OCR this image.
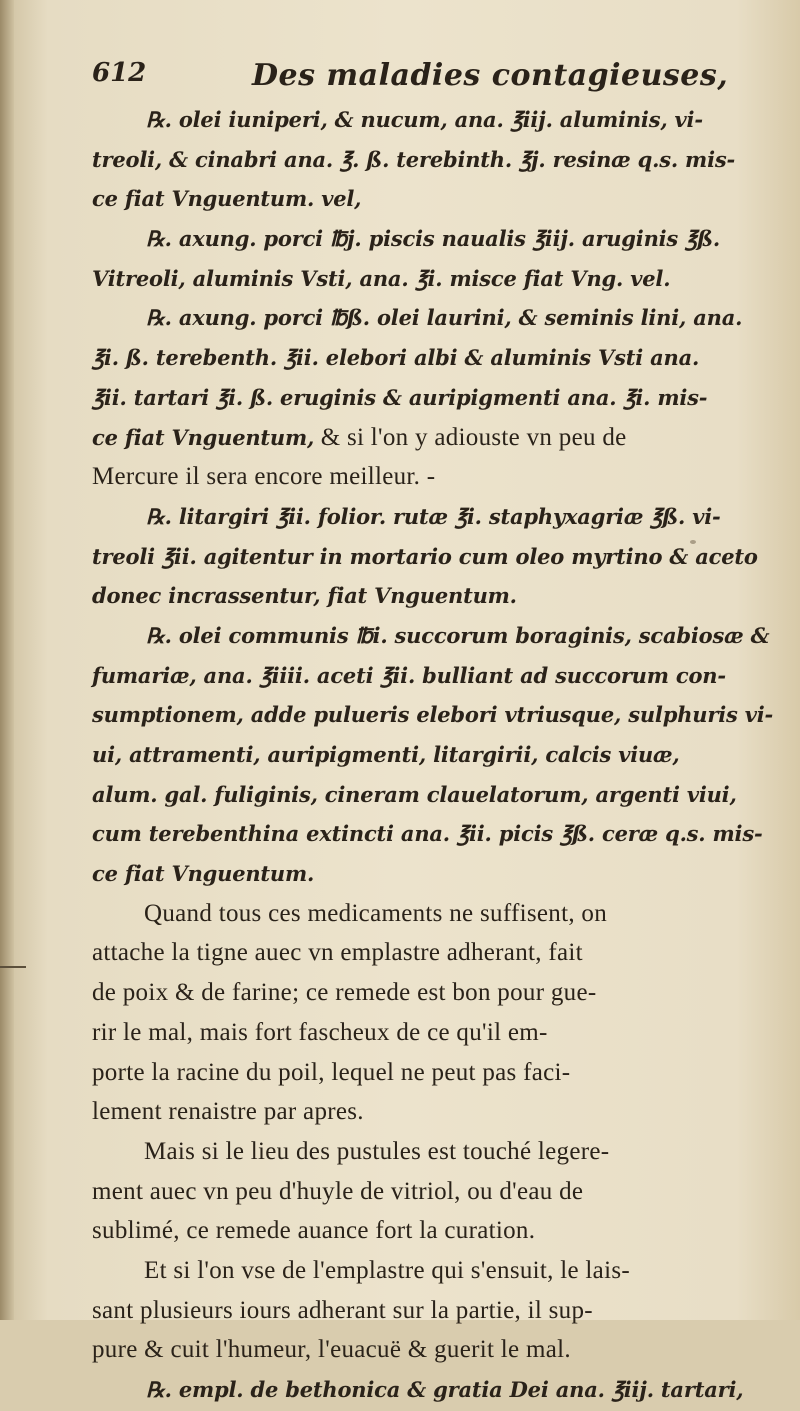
612	Des maladies contagieuses,
℞. olei iuniperi, & nucum, ana. ℥iij. aluminis, vi-
treoli, & cinabri ana. ℥. ß. terebinth. ℥j. resinæ q.s. mis-
ce fiat Vnguentum. vel,
℞. axung. porci ℔j. piscis naualis ℥iij. aruginis ℥ß.
Vitreoli, aluminis Vsti, ana. ℥i. misce fiat Vng. vel.
℞. axung. porci ℔ß. olei laurini, & seminis lini, ana.
℥i. ß. terebenth. ℥ii. elebori albi & aluminis Vsti ana.
℥ii. tartari ℥i. ß. eruginis & auripigmenti ana. ℥i. mis-
ce fiat Vnguentum, & si l'on y adiouste vn peu de
Mercure il sera encore meilleur. -
℞. litargiri ℥ii. folior. rutæ ℥i. staphyxagriæ ℥ß. vi-
treoli ℥ii. agitentur in mortario cum oleo myrtino & aceto
donec incrassentur, fiat Vnguentum.
℞. olei communis ℔i. succorum boraginis, scabiosæ &
fumariæ, ana. ℥iiii. aceti ℥ii. bulliant ad succorum con-
sumptionem, adde pulueris elebori vtriusque, sulphuris vi-
ui, attramenti, auripigmenti, litargirii, calcis viuæ,
alum. gal. fuliginis, cineram clauelatorum, argenti viui,
cum terebenthina extincti ana. ℥ii. picis ℥ß. ceræ q.s. mis-
ce fiat Vnguentum.
Quand tous ces medicaments ne suffisent, on
attache la tigne auec vn emplastre adherant, fait
de poix & de farine; ce remede est bon pour gue-
rir le mal, mais fort fascheux de ce qu'il em-
porte la racine du poil, lequel ne peut pas faci-
lement renaistre par apres.
Mais si le lieu des pustules est touché legere-
ment auec vn peu d'huyle de vitriol, ou d'eau de
sublimé, ce remede auance fort la curation.
Et si l'on vse de l'emplastre qui s'ensuit, le lais-
sant plusieurs iours adherant sur la partie, il sup-
pure & cuit l'humeur, l'euacuë & guerit le mal.
℞. empl. de bethonica & gratia Dei ana. ℥iij. tartari,
